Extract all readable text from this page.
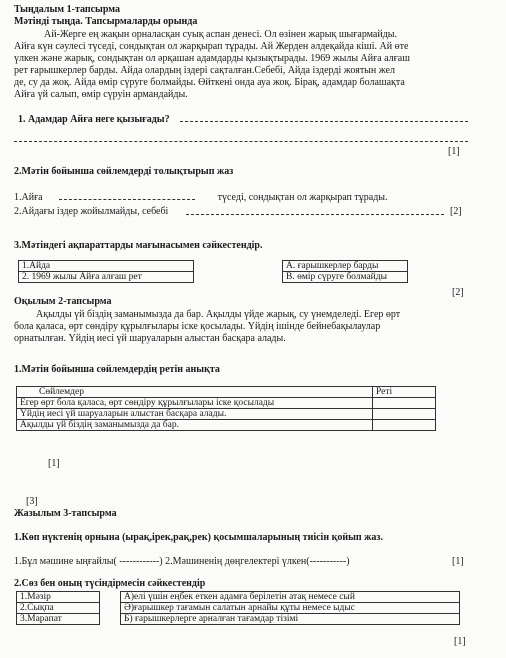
Тыңдалым 1-тапсырма
Мәтінді тыңда. Тапсырмаларды орында
Ай-Жерге ең жақын орналасқан суық аспан денесі. Ол өзінен жарық шығармайды.
Айға күн сәулесі түседі, сондықтан ол жарқырап тұрады. Ай Жерден әлдеқайда кіші. Ай өте
үлкен және жарық, сондықтан ол әрқашан адамдарды қызықтырады. 1969 жылы Айға алғаш
рет ғарышкерлер барды. Айда олардың іздері сақталған.Себебі, Айда іздерді жоятын жел
де, су да жоқ. Айда өмір сүруге болмайды. Өйткені онда ауа жоқ. Бірақ, адамдар болашақта
Айға үй салып, өмір сүруін армандайды.
1. Адамдар Айға неге қызығады?
[1]
2.Мәтін бойынша сөйлемдерді толықтырып жаз
1.Айға	түседі, сондықтан ол жарқырап тұрады.
2.Айдағы іздер жойылмайды, себебі	[2]
3.Мәтіндегі ақпараттарды мағынасымен сәйкестендір.
1.Айда		А. ғарышкерлер барды
2. 1969 жылы Айға алғаш рет		В. өмір сүруге болмайды
[2]
Оқылым 2-тапсырма
Ақылды үй біздің заманымызда да бар. Ақылды үйде жарық, су үнемделеді. Егер өрт
бола қаласа, өрт сөндіру құрылғылары іске қосылады. Үйдің ішінде бейнебақылаулар
орнатылған. Үйдің иесі үй шаруаларын алыстан басқара алады.
1.Мәтін бойынша сөйлемдердің ретін анықта
Сөйлемдер	Реті
Егер өрт бола қаласа, өрт сөндіру құрылғылары іске қосылады	
Үйдің иесі үй шаруаларын алыстан басқара алады.	
Ақылды үй біздің заманымызда да бар.	
[1]
[3]
Жазылым 3-тапсырма
1.Көп нүктенің орнына (ырақ,ірек,рақ,рек) қосымшаларының тиісін қойып жаз.
1.Бұл мәшине ыңғайлы( ------------) 2.Мәшиненің дөңгелектері үлкен(-----------)	[1]
2.Сөз бен оның түсіндірмесін сәйкестендір
1.Мәзір		А)елі үшін еңбек еткен адамға берілетін атақ немесе сый
2.Сықпа		Ә)ғарышкер тағамын салатын арнайы құты немесе ыдыс
3.Марапат		Б) ғарышкерлерге арналған тағамдар тізімі
[1]
